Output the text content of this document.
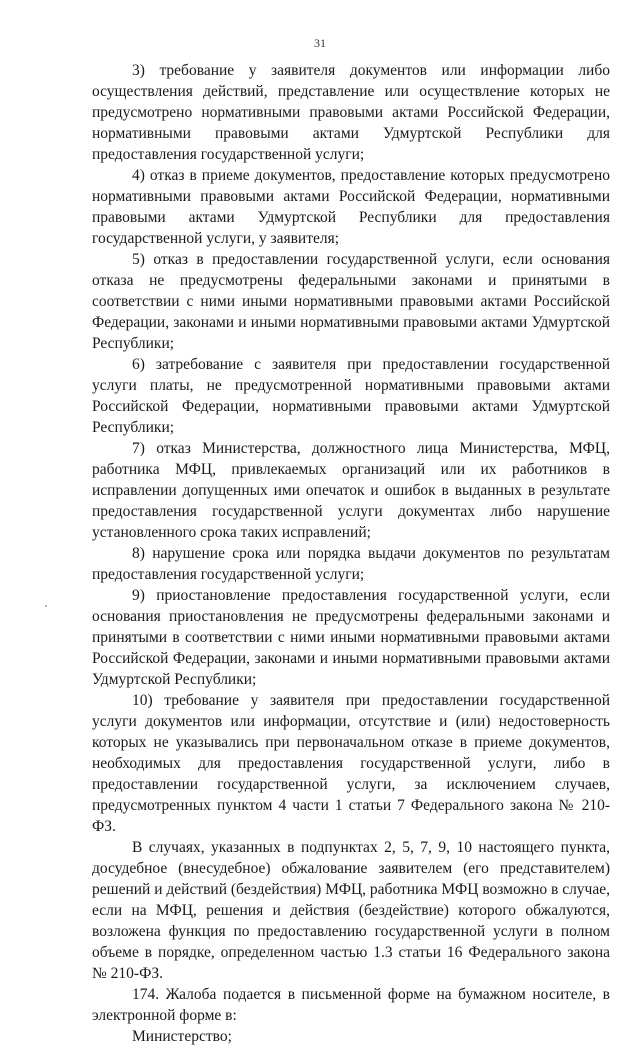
31

3) требование у заявителя документов или информации либо осуществления действий, представление или осуществление которых не предусмотрено нормативными правовыми актами Российской Федерации, нормативными правовыми актами Удмуртской Республики для предоставления государственной услуги;

4) отказ в приеме документов, предоставление которых предусмотрено нормативными правовыми актами Российской Федерации, нормативными правовыми актами Удмуртской Республики для предоставления государственной услуги, у заявителя;

5) отказ в предоставлении государственной услуги, если основания отказа не предусмотрены федеральными законами и принятыми в соответствии с ними иными нормативными правовыми актами Российской Федерации, законами и иными нормативными правовыми актами Удмуртской Республики;

6) затребование с заявителя при предоставлении государственной услуги платы, не предусмотренной нормативными правовыми актами Российской Федерации, нормативными правовыми актами Удмуртской Республики;

7) отказ Министерства, должностного лица Министерства, МФЦ, работника МФЦ, привлекаемых организаций или их работников в исправлении допущенных ими опечаток и ошибок в выданных в результате предоставления государственной услуги документах либо нарушение установленного срока таких исправлений;

8) нарушение срока или порядка выдачи документов по результатам предоставления государственной услуги;

9) приостановление предоставления государственной услуги, если основания приостановления не предусмотрены федеральными законами и принятыми в соответствии с ними иными нормативными правовыми актами Российской Федерации, законами и иными нормативными правовыми актами Удмуртской Республики;

10) требование у заявителя при предоставлении государственной услуги документов или информации, отсутствие и (или) недостоверность которых не указывались при первоначальном отказе в приеме документов, необходимых для предоставления государственной услуги, либо в предоставлении государственной услуги, за исключением случаев, предусмотренных пунктом 4 части 1 статьи 7 Федерального закона № 210-ФЗ.

В случаях, указанных в подпунктах 2, 5, 7, 9, 10 настоящего пункта, досудебное (внесудебное) обжалование заявителем (его представителем) решений и действий (бездействия) МФЦ, работника МФЦ возможно в случае, если на МФЦ, решения и действия (бездействие) которого обжалуются, возложена функция по предоставлению государственной услуги в полном объеме в порядке, определенном частью 1.3 статьи 16 Федерального закона № 210-ФЗ.

174. Жалоба подается в письменной форме на бумажном носителе, в электронной форме в:

Министерство;
